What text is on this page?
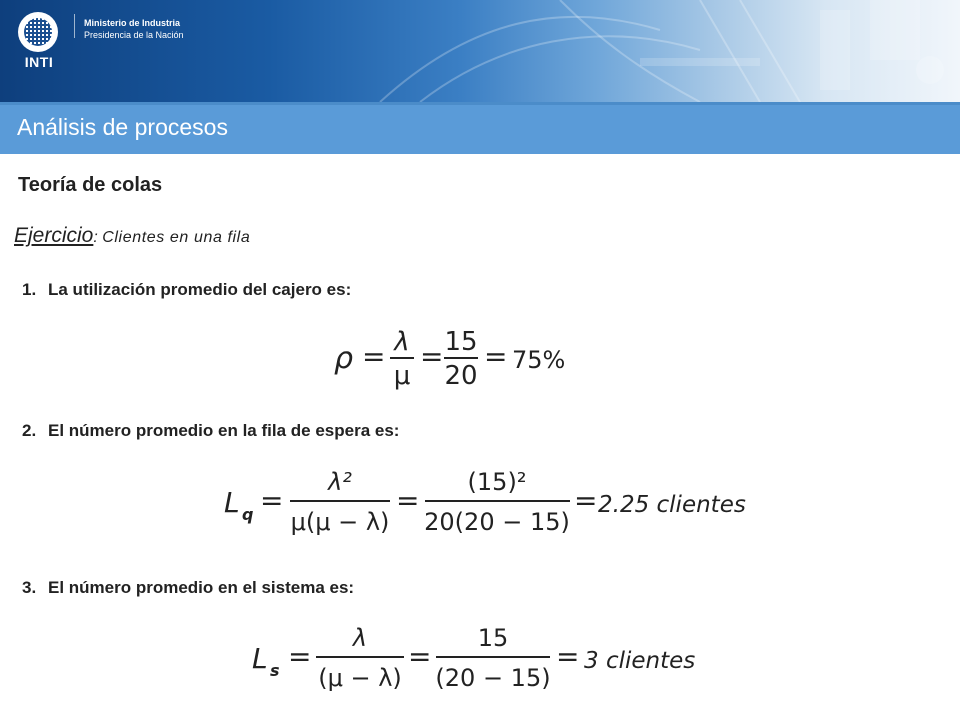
INTI
Ministerio de Industria
Presidencia de la Nación
Análisis de procesos
Teoría de colas
Ejercicio: Clientes en una fila
1. La utilización promedio del cajero es:
ρ = λ
μ
= 15
20
= 75%
2. El número promedio en la fila de espera es:
L q =
λ²
μ(μ − λ)
=
(15)²
20(20 − 15)
= 2.25 clientes
3. El número promedio en el sistema es:
L s =
λ
(μ − λ)
=
15
(20 − 15)
= 3 clientes
